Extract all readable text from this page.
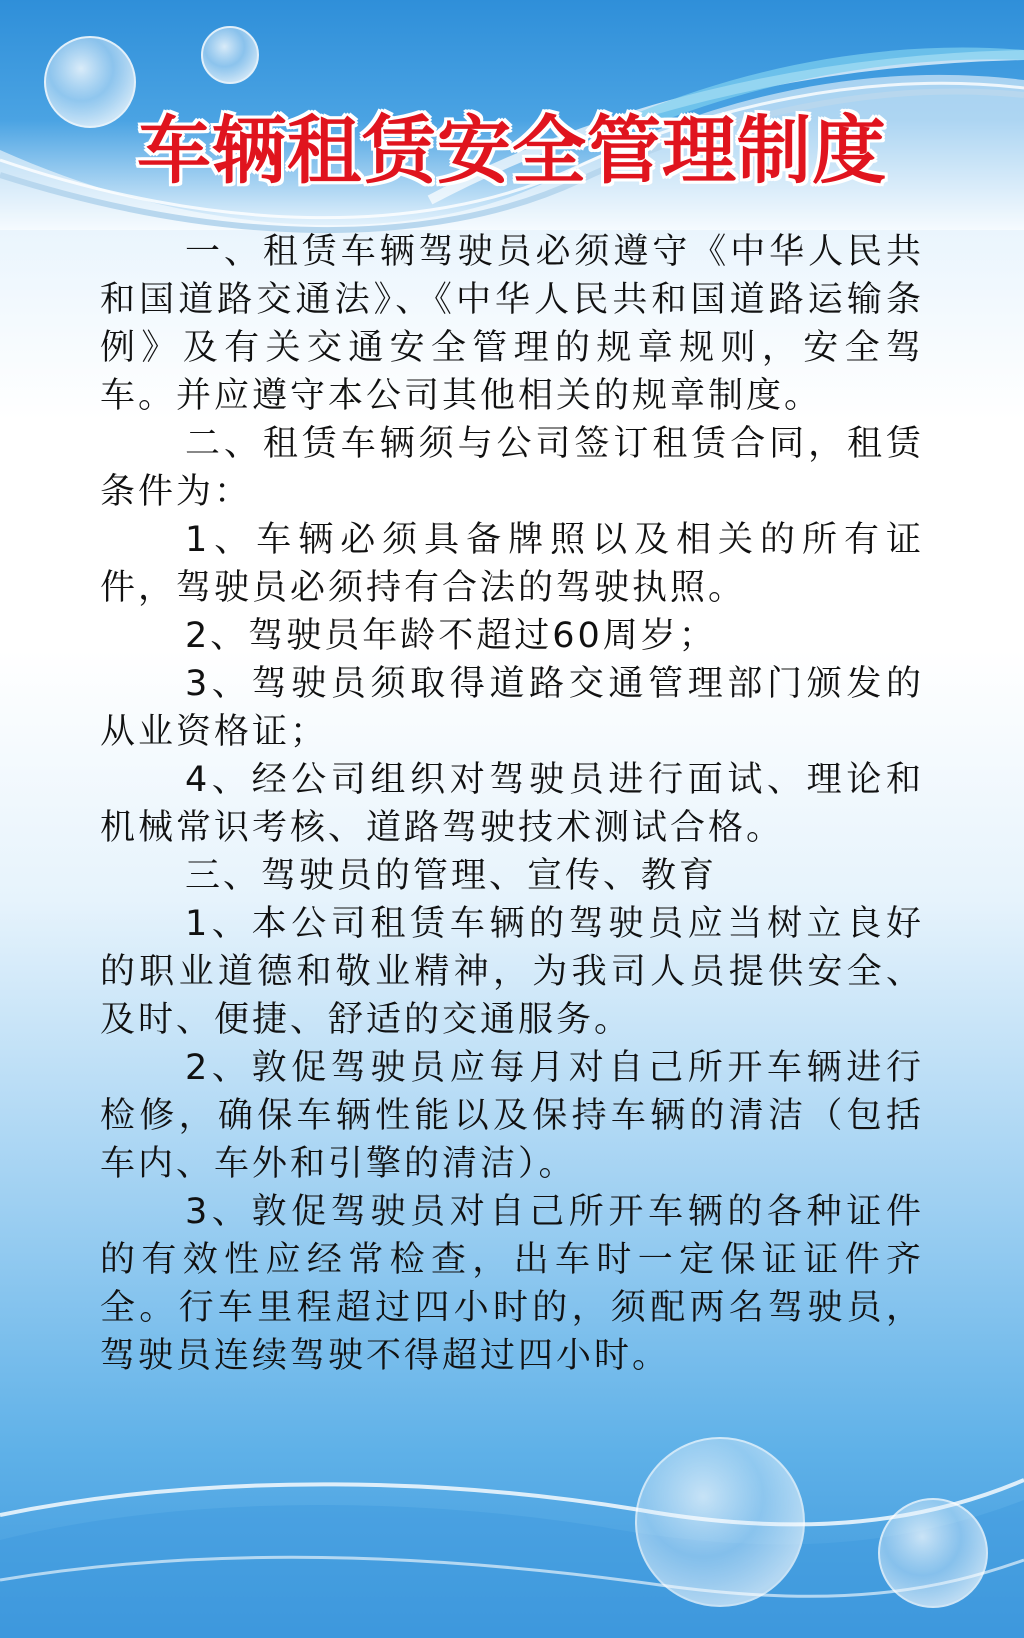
车辆租赁安全管理制度

一、租赁车辆驾驶员必须遵守《中华人民共和国道路交通法》、《中华人民共和国道路运输条例》及有关交通安全管理的规章规则，安全驾车。并应遵守本公司其他相关的规章制度。

二、租赁车辆须与公司签订租赁合同，租赁条件为：

1、车辆必须具备牌照以及相关的所有证件，驾驶员必须持有合法的驾驶执照。

2、驾驶员年龄不超过60周岁；

3、驾驶员须取得道路交通管理部门颁发的从业资格证；

4、经公司组织对驾驶员进行面试、理论和机械常识考核、道路驾驶技术测试合格。

三、驾驶员的管理、宣传、教育

1、本公司租赁车辆的驾驶员应当树立良好的职业道德和敬业精神，为我司人员提供安全、及时、便捷、舒适的交通服务。

2、敦促驾驶员应每月对自己所开车辆进行检修，确保车辆性能以及保持车辆的清洁（包括车内、车外和引擎的清洁）。

3、敦促驾驶员对自己所开车辆的各种证件的有效性应经常检查，出车时一定保证证件齐全。行车里程超过四小时的，须配两名驾驶员，驾驶员连续驾驶不得超过四小时。
